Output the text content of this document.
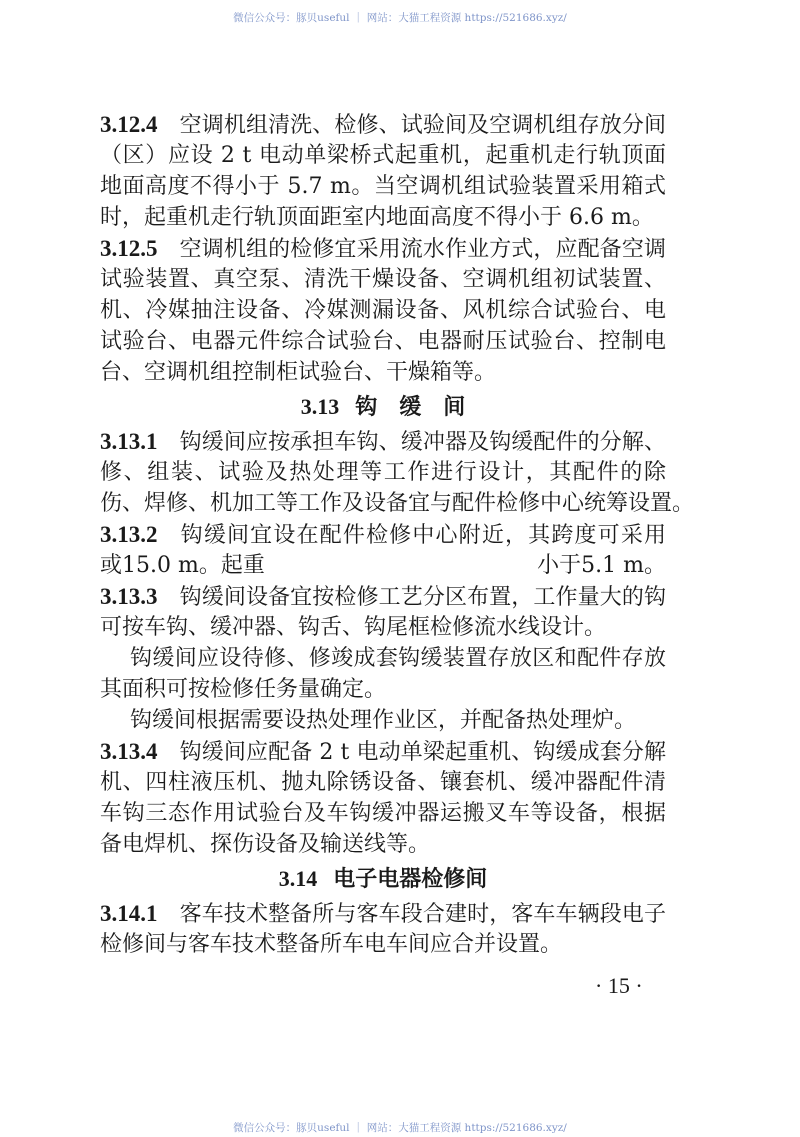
微信公众号：豚贝useful ｜ 网站：大猫工程资源 https://521686.xyz/
3.12.4 空调机组清洗、检修、试验间及空调机组存放分间
（区）应设 2 t 电动单梁桥式起重机，起重机走行轨顶面
地面高度不得小于 5.7 m。当空调机组试验装置采用箱式
时，起重机走行轨顶面距室内地面高度不得小于 6.6 m。
3.12.5 空调机组的检修宜采用流水作业方式，应配备空调
试验装置、真空泵、清洗干燥设备、空调机组初试装置、
机、冷媒抽注设备、冷媒测漏设备、风机综合试验台、电
试验台、电器元件综合试验台、电器耐压试验台、控制电
台、空调机组控制柜试验台、干燥箱等。
3.13 钩　缓　间
3.13.1 钩缓间应按承担车钩、缓冲器及钩缓配件的分解、
修、组装、试验及热处理等工作进行设计，其配件的除
伤、焊修、机加工等工作及设备宜与配件检修中心统筹设置。
3.13.2 钩缓间宜设在配件检修中心附近，其跨度可采用
或15.0 m。起重	小于5.1 m。
3.13.3 钩缓间设备宜按检修工艺分区布置，工作量大的钩
可按车钩、缓冲器、钩舌、钩尾框检修流水线设计。
钩缓间应设待修、修竣成套钩缓装置存放区和配件存放
其面积可按检修任务量确定。
钩缓间根据需要设热处理作业区，并配备热处理炉。
3.13.4 钩缓间应配备 2 t 电动单梁起重机、钩缓成套分解
机、四柱液压机、抛丸除锈设备、镶套机、缓冲器配件清
车钩三态作用试验台及车钩缓冲器运搬叉车等设备，根据
备电焊机、探伤设备及输送线等。
3.14 电子电器检修间
3.14.1 客车技术整备所与客车段合建时，客车车辆段电子
检修间与客车技术整备所车电车间应合并设置。
· 15 ·
微信公众号：豚贝useful ｜ 网站：大猫工程资源 https://521686.xyz/
